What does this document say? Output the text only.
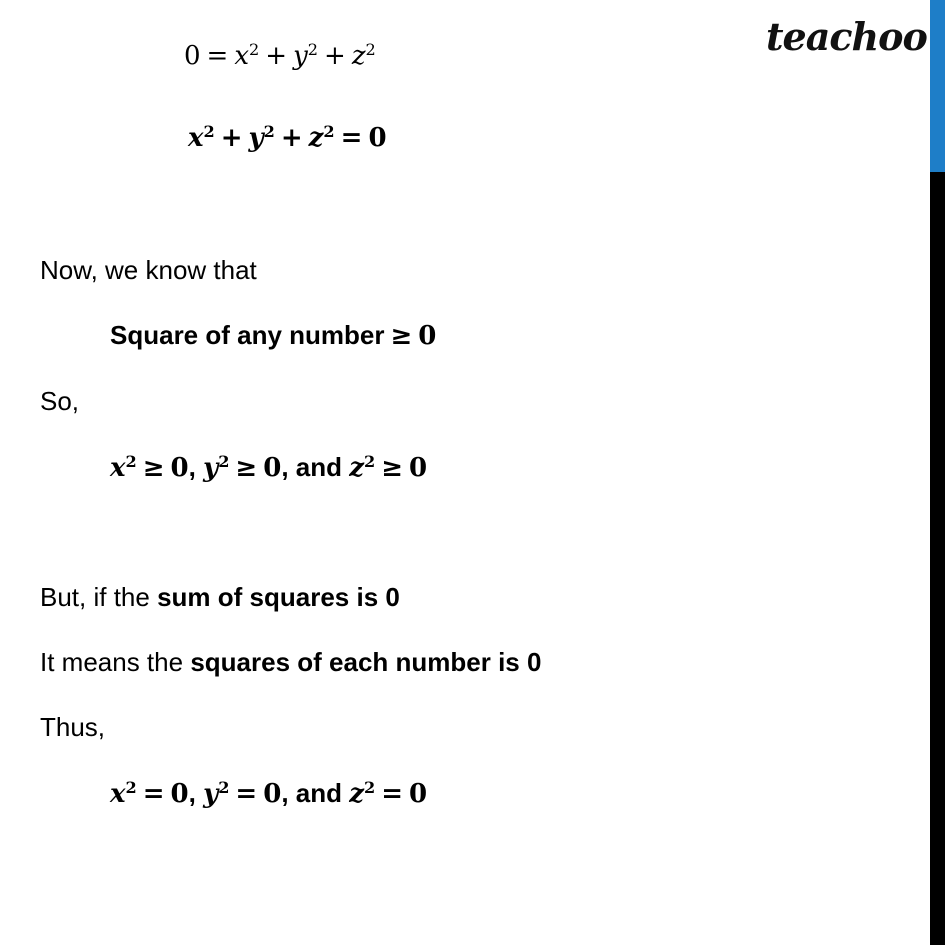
teachoo
$0 = x^2 + y^2 + z^2$
$x^2 + y^2 + z^2 = 0$
Now, we know that
Square of any number ≥ 0
So,
$x^2 \ge 0$, $y^2 \ge 0$, and $z^2 \ge 0$
But, if the sum of squares is 0
It means the squares of each number is 0
Thus,
$x^2 = 0$, $y^2 = 0$, and $z^2 = 0$
